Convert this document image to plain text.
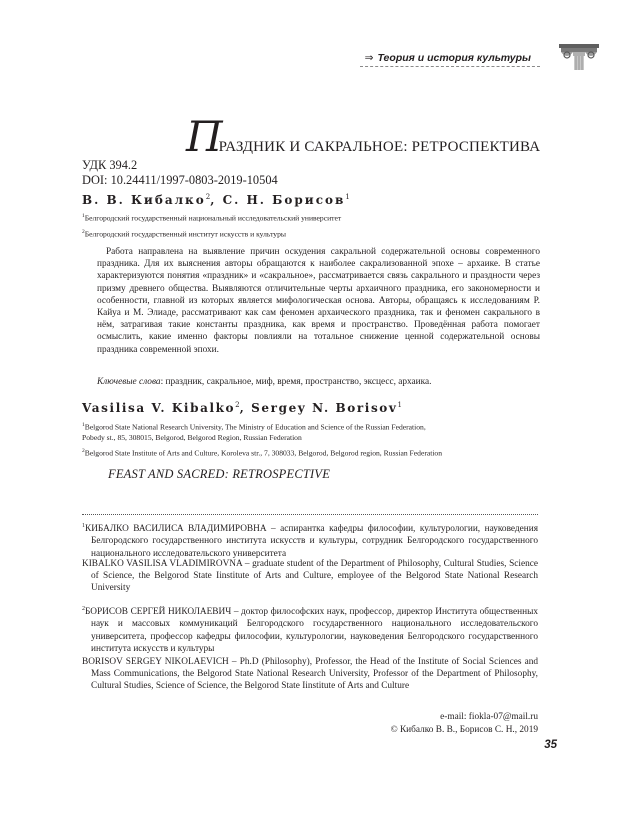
⇒ Теория и история культуры
ПРАЗДНИК И САКРАЛЬНОЕ: РЕТРОСПЕКТИВА
УДК 394.2
DOI: 10.24411/1997-0803-2019-10504
В. В. Кибалко$^2$, С. Н. Борисов$^1$
$^1$Белгородский государственный национальный исследовательский университет
$^2$Белгородский государственный институт искусств и культуры

Работа направлена на выявление причин оскудения сакральной содержательной основы современного праздника. Для их выяснения авторы обращаются к наиболее сакрализованной эпохе – архаике. В статье характеризуются понятия «праздник» и «сакральное», рассматривается связь сакрального и праздности через призму древнего общества. Выявляются отличительные черты архаичного праздника, его закономерности и особенности, главной из которых является мифологическая основа. Авторы, обращаясь к исследованиям Р. Кайуа и М. Элиаде, рассматривают как сам феномен архаического праздника, так и феномен сакрального в нём, затрагивая такие константы праздника, как время и пространство. Проведённая работа помогает осмыслить, какие именно факторы повлияли на тотальное снижение ценной содержательной основы праздника современной эпохи.

Ключевые слова: праздник, сакральное, миф, время, пространство, эксцесс, архаика.
Vasilisa V. Kibalko$^2$, Sergey N. Borisov$^1$
$^1$Belgorod State National Research University, The Ministry of Education and Science of the Russian Federation,
Pobedy st., 85, 308015, Belgorod, Belgorod Region, Russian Federation
$^2$Belgorod State Institute of Arts and Culture, Koroleva str., 7, 308033, Belgorod, Belgorod region, Russian Federation
FEAST AND SACRED: RETROSPECTIVE

$^1$КИБАЛКО ВАСИЛИСА ВЛАДИМИРОВНА – аспирантка кафедры философии, культурологии, науковедения Белгородского государственного института искусств и культуры, сотрудник Белгородского государственного национального исследовательского университета

KIBALKO VASILISA VLADIMIROVNA – graduate student of the Department of Philosophy, Cultural Studies, Science of Science, the Belgorod State Iinstitute of Arts and Culture, employee of the Belgorod State National Research University

$^2$БОРИСОВ СЕРГЕЙ НИКОЛАЕВИЧ – доктор философских наук, профессор, директор Института общественных наук и массовых коммуникаций Белгородского государственного национального исследовательского университета, профессор кафедры философии, культурологии, науковедения Белгородского государственного института искусств и культуры

BORISOV SERGEY NIKOLAEVICH – Ph.D (Philosophy), Professor, the Head of the Institute of Social Sciences and Mass Communications, the Belgorod State National Research University, Professor of the Department of Philosophy, Cultural Studies, Science of Science, the Belgorod State Iinstitute of Arts and Culture

e-mail: fiokla-07@mail.ru
© Кибалко В. В., Борисов С. Н., 2019
35
